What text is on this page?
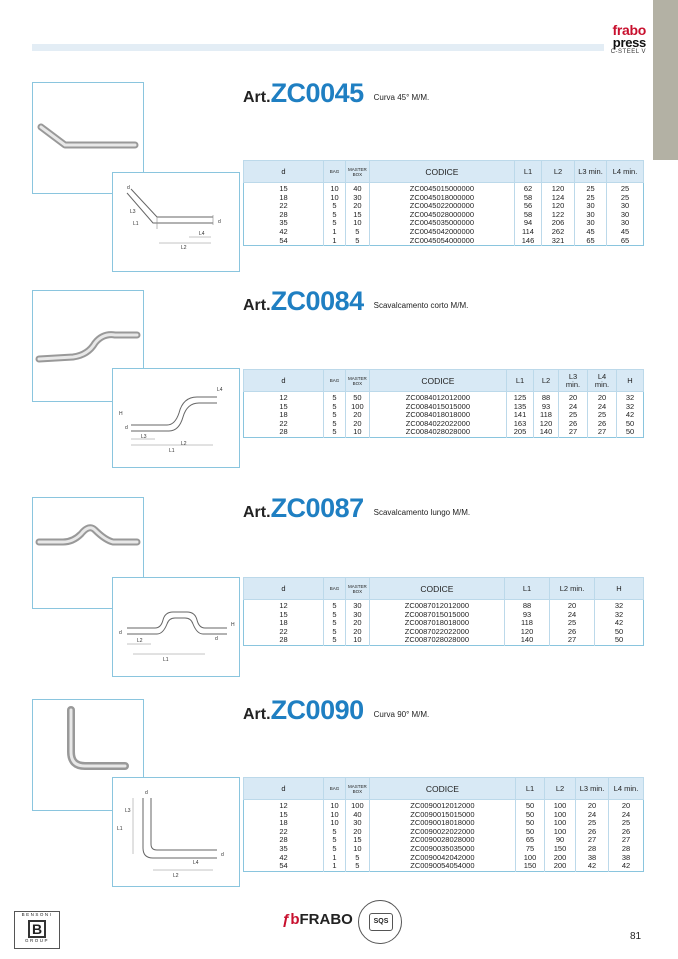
frabo
press
C-STEEL V
d
L3
L1
L2
L4
d
Art.ZC0045 Curva 45° M/M.
d	BAG	MASTER BOX	CODICE	L1	L2	L3 min.	L4 min.
15	10	40	ZC0045015000000	62	120	25	25
18	10	30	ZC0045018000000	58	124	25	25
22	5	20	ZC0045022000000	56	120	30	30
28	5	15	ZC0045028000000	58	122	30	30
35	5	10	ZC0045035000000	94	206	30	30
42	1	5	ZC0045042000000	114	262	45	45
54	1	5	ZC0045054000000	146	321	65	65
H
d
L3
L1
L2
L4
Art.ZC0084 Scavalcamento corto M/M.
d	BAG	MASTER BOX	CODICE	L1	L2	L3 min.	L4 min.	H
12	5	50	ZC0084012012000	125	88	20	20	32
15	5	100	ZC0084015015000	135	93	24	24	32
18	5	20	ZC0084018018000	141	118	25	25	42
22	5	20	ZC0084022022000	163	120	26	26	50
28	5	10	ZC0084028028000	205	140	27	27	50
d
L2
L1
d
H
Art.ZC0087 Scavalcamento lungo M/M.
d	BAG	MASTER BOX	CODICE	L1	L2 min.	H
12	5	30	ZC0087012012000	88	20	32
15	5	30	ZC0087015015000	93	24	32
18	5	20	ZC0087018018000	118	25	42
22	5	20	ZC0087022022000	120	26	50
28	5	10	ZC0087028028000	140	27	50
d
L3
L1
L2
L4
d
Art.ZC0090 Curva 90° M/M.
d	BAG	MASTER BOX	CODICE	L1	L2	L3 min.	L4 min.
12	10	100	ZC0090012012000	50	100	20	20
15	10	40	ZC0090015015000	50	100	24	24
18	10	30	ZC0090018018000	50	100	25	25
22	5	20	ZC0090022022000	50	100	26	26
28	5	15	ZC0090028028000	65	90	27	27
35	5	10	ZC0090035035000	75	150	28	28
42	1	5	ZC0090042042000	100	200	38	38
54	1	5	ZC0090054054000	150	200	42	42
BENSONI
B
GROUP
ƒbFRABO	SQS
81
